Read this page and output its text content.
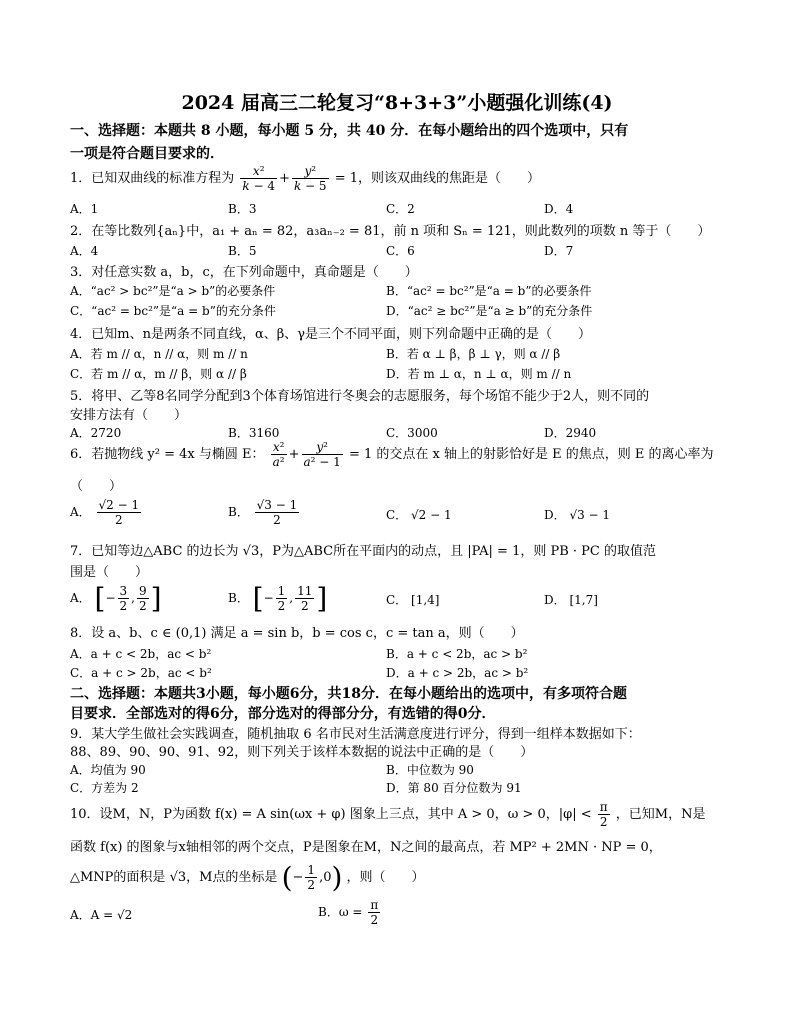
2024 届高三二轮复习“8+3+3”小题强化训练(4)
一、选择题：本题共 8 小题，每小题 5 分，共 40 分．在每小题给出的四个选项中，只有
一项是符合题目要求的．
1．已知双曲线的标准方程为 $\frac{\text{x²}}{k - 4} + \frac{\text{y²}}{k - 5} = 1$，则该双曲线的焦距是（　　）
A．1	B．3	C．2	D．4
2．在等比数列{aₙ}中，a₁ + aₙ = 82，a₃aₙ₋₂ = 81，前 n 项和 Sₙ = 121，则此数列的项数 n 等于（　　）
A．4	B．5	C．6	D．7
3．对任意实数 a，b，c，在下列命题中，真命题是（　　）
A．“ac² > bc²”是“a > b”的必要条件	B．“ac² = bc²”是“a = b”的必要条件
C．“ac² = bc²”是“a = b”的充分条件	D．“ac² ≥ bc²”是“a ≥ b”的充分条件
4．已知m、n是两条不同直线，α、β、γ是三个不同平面，则下列命题中正确的是（　　）
A．若 m // α，n // α，则 m // n	B．若 α ⊥ β，β ⊥ γ，则 α // β
C．若 m // α，m // β，则 α // β	D．若 m ⊥ α，n ⊥ α，则 m // n
5．将甲、乙等8名同学分配到3个体育场馆进行冬奥会的志愿服务，每个场馆不能少于2人，则不同的
安排方法有（　　）
A．2720	B．3160	C．3000	D．2940
6．若抛物线 y² = 4x 与椭圆 E： $\frac{\text{x²}}{\text{a²}} + \frac{\text{y²}}{\text{a² − 1}} = 1$ 的交点在 x 轴上的射影恰好是 E 的焦点，则 E 的离心率为
（　　）
A． $\frac{√2 - 1}{2}$	B． $\frac{√3 - 1}{2}$	C． √2 − 1	D． √3 − 1
7．已知等边△ABC 的边长为 √3，P为△ABC所在平面内的动点，且 |PA| = 1，则 PB · PC 的取值范
围是（　　）
A． [− $\frac{3}{2}$ , $\frac{9}{2}$ ]	B． [− $\frac{1}{2}$ , $\frac{11}{2}$ ]	C． [1,4]	D． [1,7]
8．设 a、b、c ∈ (0,1) 满足 a = sin b，b = cos c，c = tan a，则（　　）
A．a + c < 2b，ac < b²	B．a + c < 2b，ac > b²
C．a + c > 2b，ac < b²	D．a + c > 2b，ac > b²
二、选择题：本题共3小题，每小题6分，共18分．在每小题给出的选项中，有多项符合题
目要求．全部选对的得6分，部分选对的得部分分，有选错的得0分．
9．某大学生做社会实践调查，随机抽取 6 名市民对生活满意度进行评分，得到一组样本数据如下：
88、89、90、90、91、92，则下列关于该样本数据的说法中正确的是（　　）
A．均值为 90	B．中位数为 90
C．方差为 2	D．第 80 百分位数为 91
10．设M，N，P为函数 f(x) = A sin(ωx + φ) 图象上三点，其中 A > 0，ω > 0，$|\varphi| < \frac{\pi}{2}$ ，已知M，N是
函数 f(x) 的图象与x轴相邻的两个交点，P是图象在M，N之间的最高点，若 MP² + 2MN · NP = 0，
△MNP的面积是 √3，M点的坐标是 (− $\frac{1}{2} ,0$) ，则（　　）
A．A = √2	B．$\omega = \frac{\pi}{2}$
